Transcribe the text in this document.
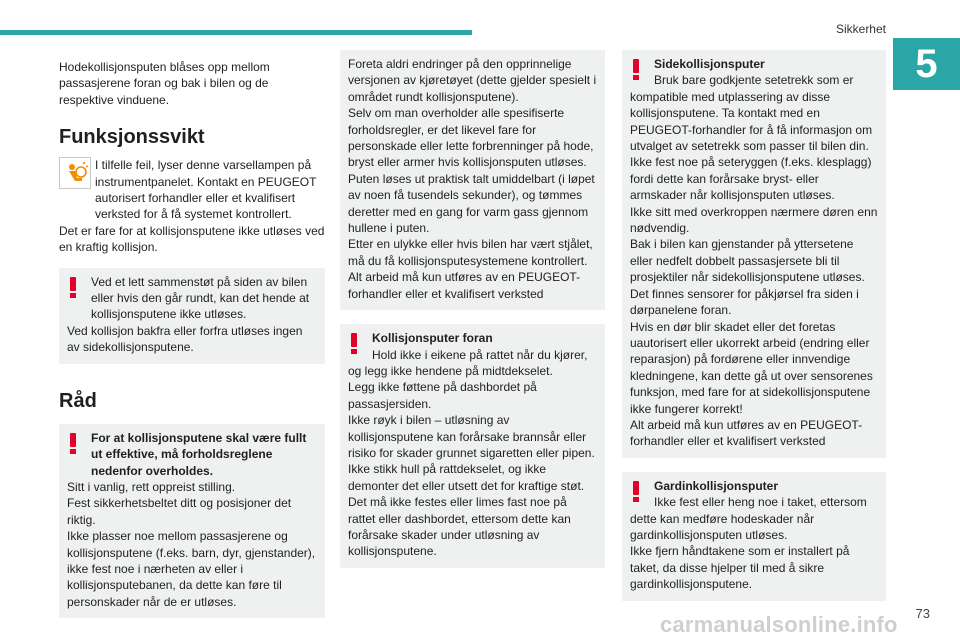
Sikkerhet
5

Hodekollisjonsputen blåses opp mellom passasjerene foran og bak i bilen og de respektive vinduene.

Funksjonssvikt

I tilfelle feil, lyser denne varsellampen på instrumentpanelet. Kontakt en PEUGEOT autorisert forhandler eller et kvalifisert verksted for å få systemet kontrollert.

Det er fare for at kollisjonsputene ikke utløses ved en kraftig kollisjon.

Ved et lett sammenstøt på siden av bilen eller hvis den går rundt, kan det hende at kollisjonsputene ikke utløses.

Ved kollisjon bakfra eller forfra utløses ingen av sidekollisjonsputene.

Råd

For at kollisjonsputene skal være fullt ut effektive, må forholdsreglene nedenfor overholdes.

Sitt i vanlig, rett oppreist stilling.

Fest sikkerhetsbeltet ditt og posisjoner det riktig.

Ikke plasser noe mellom passasjerene og kollisjonsputene (f.eks. barn, dyr, gjenstander), ikke fest noe i nærheten av eller i kollisjonsputebanen, da dette kan føre til personskader når de er utløses.

Foreta aldri endringer på den opprinnelige versjonen av kjøretøyet (dette gjelder spesielt i området rundt kollisjonsputene).

Selv om man overholder alle spesifiserte forholdsregler, er det likevel fare for personskade eller lette forbrenninger på hode, bryst eller armer hvis kollisjonsputen utløses. Puten løses ut praktisk talt umiddelbart (i løpet av noen få tusendels sekunder), og tømmes deretter med en gang for varm gass gjennom hullene i puten.

Etter en ulykke eller hvis bilen har vært stjålet, må du få kollisjonsputesystemene kontrollert.

Alt arbeid må kun utføres av en PEUGEOT-forhandler eller et kvalifisert verksted

Kollisjonsputer foran

Hold ikke i eikene på rattet når du kjører, og legg ikke hendene på midtdekselet.

Legg ikke føttene på dashbordet på passasjersiden.

Ikke røyk i bilen – utløsning av kollisjonsputene kan forårsake brannsår eller risiko for skader grunnet sigaretten eller pipen.

Ikke stikk hull på rattdekselet, og ikke demonter det eller utsett det for kraftige støt.

Det må ikke festes eller limes fast noe på rattet eller dashbordet, ettersom dette kan forårsake skader under utløsning av kollisjonsputene.

Sidekollisjonsputer

Bruk bare godkjente setetrekk som er kompatible med utplassering av disse kollisjonsputene. Ta kontakt med en PEUGEOT-forhandler for å få informasjon om utvalget av setetrekk som passer til bilen din.

Ikke fest noe på seteryggen (f.eks. klesplagg) fordi dette kan forårsake bryst- eller armskader når kollisjonsputen utløses.

Ikke sitt med overkroppen nærmere døren enn nødvendig.

Bak i bilen kan gjenstander på yttersetene eller nedfelt dobbelt passasjersete bli til prosjektiler når sidekollisjonsputene utløses.

Det finnes sensorer for påkjørsel fra siden i dørpanelene foran.

Hvis en dør blir skadet eller det foretas uautorisert eller ukorrekt arbeid (endring eller reparasjon) på fordørene eller innvendige kledningene, kan dette gå ut over sensorenes funksjon, med fare for at sidekollisjonsputene ikke fungerer korrekt!

Alt arbeid må kun utføres av en PEUGEOT-forhandler eller et kvalifisert verksted

Gardinkollisjonsputer

Ikke fest eller heng noe i taket, ettersom dette kan medføre hodeskader når gardinkollisjonsputen utløses.

Ikke fjern håndtakene som er installert på taket, da disse hjelper til med å sikre gardinkollisjonsputene.

carmanualsonline.info	73
